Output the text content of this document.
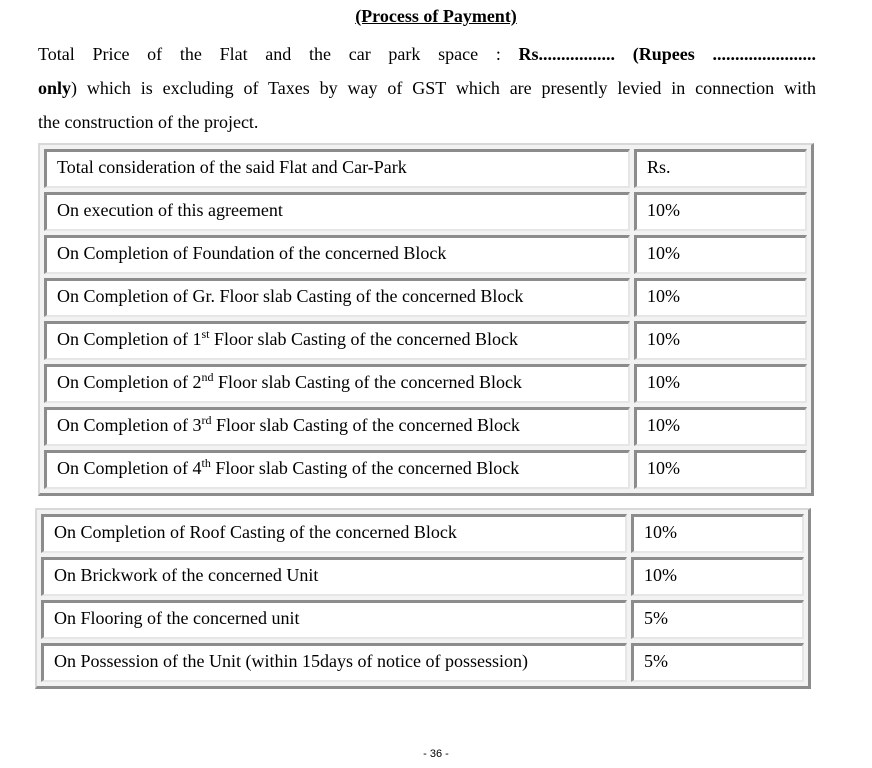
(Process of Payment)
Total Price of the Flat and the car park space : Rs................. (Rupees .......................
only) which is excluding of Taxes by way of GST which are presently levied in connection with
the construction of the project.
Total consideration of the said Flat and Car-Park	Rs.
On execution of this agreement	10%
On Completion of Foundation of the concerned Block	10%
On Completion of Gr. Floor slab Casting of the concerned Block	10%
On Completion of 1st Floor slab Casting of the concerned Block	10%
On Completion of 2nd Floor slab Casting of the concerned Block	10%
On Completion of 3rd Floor slab Casting of the concerned Block	10%
On Completion of 4th Floor slab Casting of the concerned Block	10%
On Completion of Roof Casting of the concerned Block	10%
On Brickwork of the concerned Unit	10%
On Flooring of the concerned unit	5%
On Possession of the Unit (within 15days of notice of possession)	5%
- 36 -
